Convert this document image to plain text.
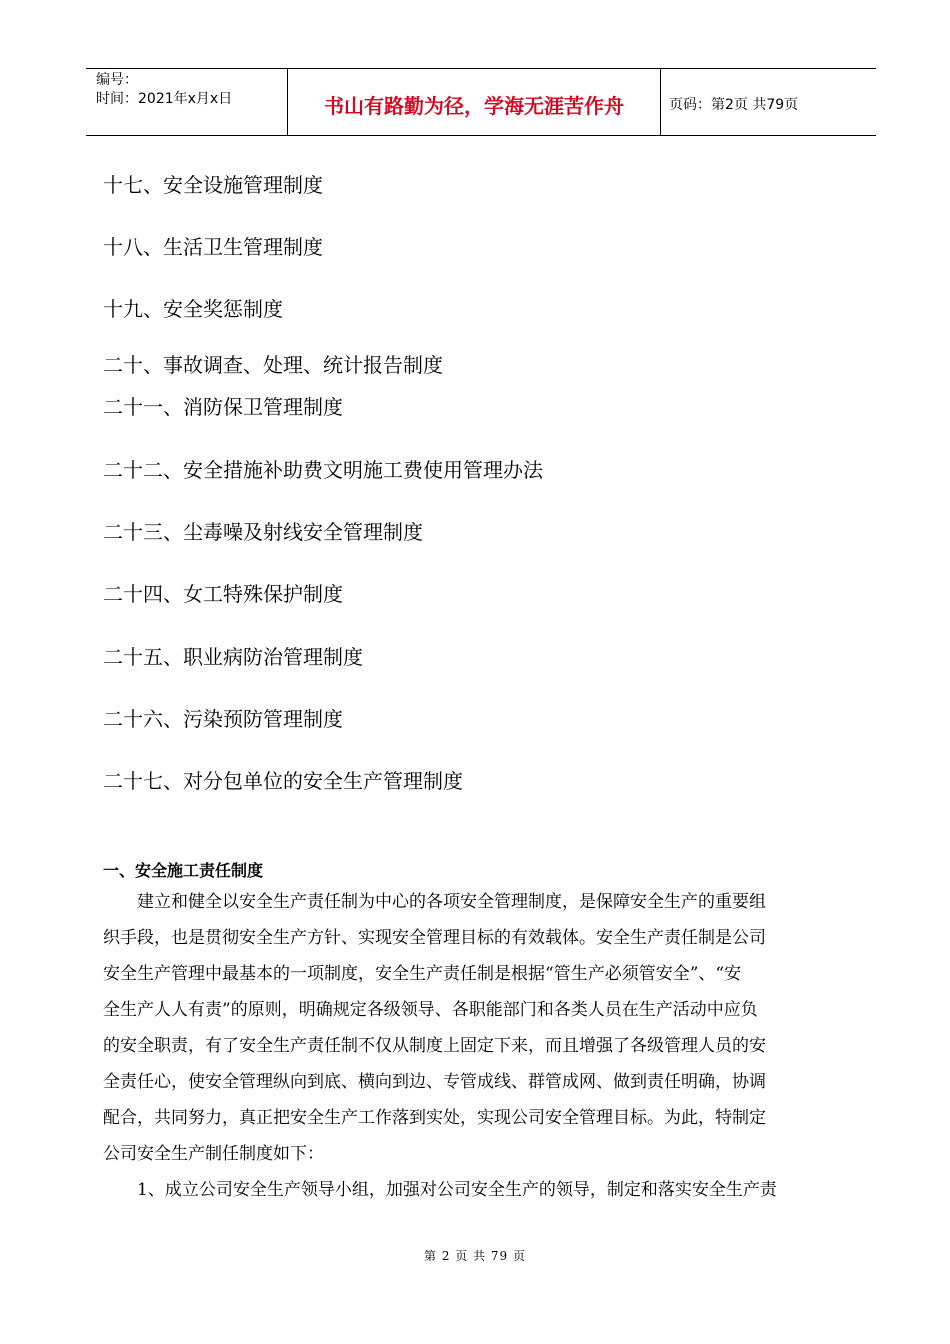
编号：
时间：2021年x月x日	书山有路勤为径，学海无涯苦作舟	页码：第2页 共79页
十七、安全设施管理制度
十八、生活卫生管理制度
十九、安全奖惩制度
二十、事故调查、处理、统计报告制度
二十一、消防保卫管理制度
二十二、安全措施补助费文明施工费使用管理办法
二十三、尘毒噪及射线安全管理制度
二十四、女工特殊保护制度
二十五、职业病防治管理制度
二十六、污染预防管理制度
二十七、对分包单位的安全生产管理制度
一、安全施工责任制度
建立和健全以安全生产责任制为中心的各项安全管理制度，是保障安全生产的重要组
织手段，也是贯彻安全生产方针、实现安全管理目标的有效载体。安全生产责任制是公司
安全生产管理中最基本的一项制度，安全生产责任制是根据“管生产必须管安全”、“安
全生产人人有责”的原则，明确规定各级领导、各职能部门和各类人员在生产活动中应负
的安全职责，有了安全生产责任制不仅从制度上固定下来，而且增强了各级管理人员的安
全责任心，使安全管理纵向到底、横向到边、专管成线、群管成网、做到责任明确，协调
配合，共同努力，真正把安全生产工作落到实处，实现公司安全管理目标。为此，特制定
公司安全生产制任制度如下：
1、成立公司安全生产领导小组，加强对公司安全生产的领导，制定和落实安全生产责
第 2 页 共 79 页
